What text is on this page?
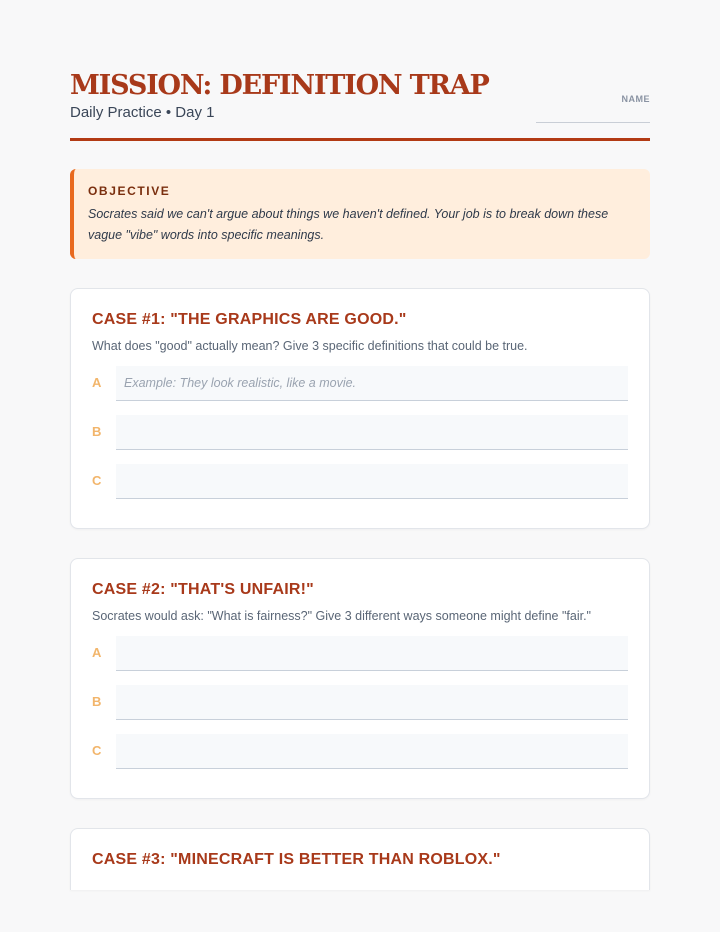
MISSION: DEFINITION TRAP
Daily Practice • Day 1
NAME
OBJECTIVE
Socrates said we can't argue about things we haven't defined. Your job is to break down these vague "vibe" words into specific meanings.
CASE #1: "THE GRAPHICS ARE GOOD."
What does "good" actually mean? Give 3 specific definitions that could be true.
A
Example: They look realistic, like a movie.
B
C
CASE #2: "THAT'S UNFAIR!"
Socrates would ask: "What is fairness?" Give 3 different ways someone might define "fair."
A
B
C
CASE #3: "MINECRAFT IS BETTER THAN ROBLOX."
